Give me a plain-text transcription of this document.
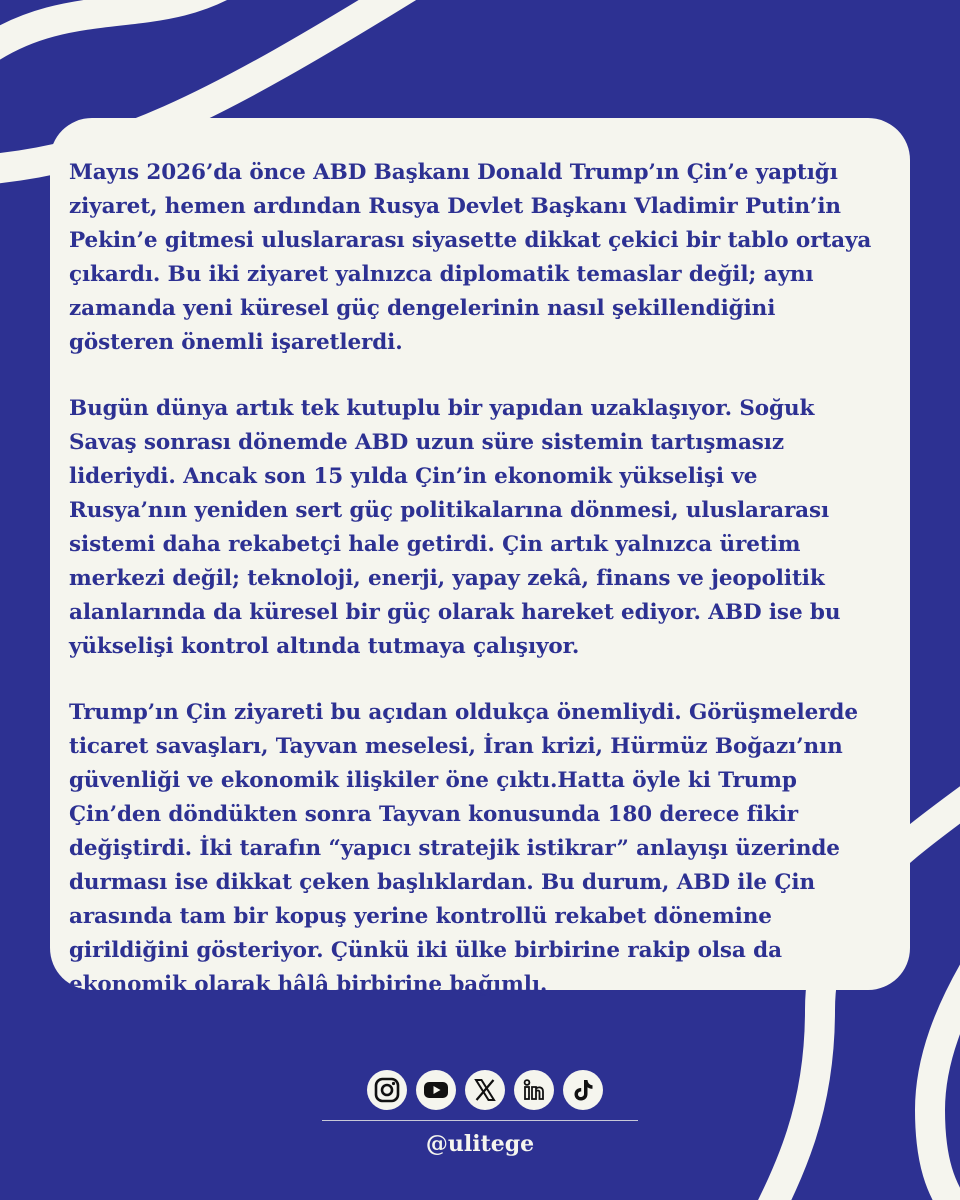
Mayıs 2026’da önce ABD Başkanı Donald Trump’ın Çin’e yaptığı ziyaret, hemen ardından Rusya Devlet Başkanı Vladimir Putin’in Pekin’e gitmesi uluslararası siyasette dikkat çekici bir tablo ortaya çıkardı. Bu iki ziyaret yalnızca diplomatik temaslar değil; aynı zamanda yeni küresel güç dengelerinin nasıl şekillendiğini gösteren önemli işaretlerdi.

Bugün dünya artık tek kutuplu bir yapıdan uzaklaşıyor. Soğuk Savaş sonrası dönemde ABD uzun süre sistemin tartışmasız lideriydi. Ancak son 15 yılda Çin’in ekonomik yükselişi ve Rusya’nın yeniden sert güç politikalarına dönmesi, uluslararası sistemi daha rekabetçi hale getirdi. Çin artık yalnızca üretim merkezi değil; teknoloji, enerji, yapay zekâ, finans ve jeopolitik alanlarında da küresel bir güç olarak hareket ediyor. ABD ise bu yükselişi kontrol altında tutmaya çalışıyor.

Trump’ın Çin ziyareti bu açıdan oldukça önemliydi. Görüşmelerde ticaret savaşları, Tayvan meselesi, İran krizi, Hürmüz Boğazı’nın güvenliği ve ekonomik ilişkiler öne çıktı.Hatta öyle ki Trump Çin’den döndükten sonra Tayvan konusunda 180 derece fikir değiştirdi. İki tarafın “yapıcı stratejik istikrar” anlayışı üzerinde durması ise dikkat çeken başlıklardan. Bu durum, ABD ile Çin arasında tam bir kopuş yerine kontrollü rekabet dönemine girildiğini gösteriyor. Çünkü iki ülke birbirine rakip olsa da ekonomik olarak hâlâ birbirine bağımlı.

@ulitege
